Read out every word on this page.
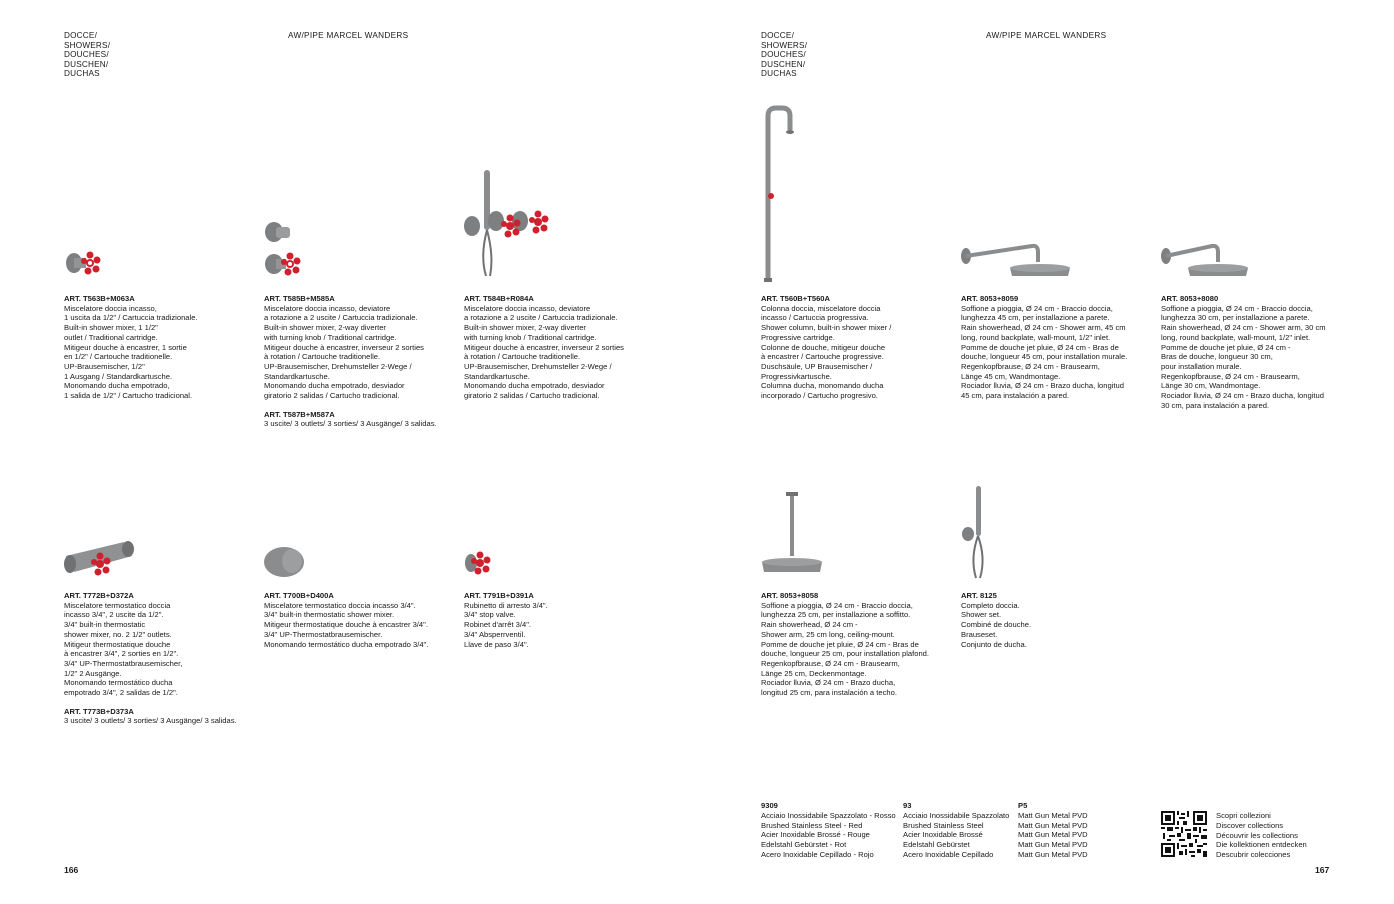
DOCCE/
SHOWERS/
DOUCHES/
DUSCHEN/
DUCHAS
AW/PIPE MARCEL WANDERS	DOCCE/
SHOWERS/
DOUCHES/
DUSCHEN/
DUCHAS
AW/PIPE MARCEL WANDERS
ART. T563B+M063A
Miscelatore doccia incasso,
1 uscita da 1/2" / Cartuccia tradizionale.
Built-in shower mixer, 1 1/2"
outlet / Traditional cartridge.
Mitigeur douche à encastrer, 1 sortie
en 1/2" / Cartouche traditionelle.
UP-Brausemischer, 1/2"
1 Ausgang / Standardkartusche.
Monomando ducha empotrado,
1 salida de 1/2" / Cartucho tradicional.
ART. T585B+M585A
Miscelatore doccia incasso, deviatore
a rotazione a 2 uscite / Cartuccia tradizionale.
Built-in shower mixer, 2-way diverter
with turning knob / Traditional cartridge.
Mitigeur douche à encastrer, inverseur 2 sorties
à rotation / Cartouche traditionelle.
UP-Brausemischer, Drehumsteller 2-Wege /
Standardkartusche.
Monomando ducha empotrado, desviador
giratorio 2 salidas / Cartucho tradicional.
ART. T587B+M587A
3 uscite/ 3 outlets/ 3 sorties/ 3 Ausgänge/ 3 salidas.
ART. T584B+R084A
Miscelatore doccia incasso, deviatore
a rotazione a 2 uscite / Cartuccia tradizionale.
Built-in shower mixer, 2-way diverter
with turning knob / Traditional cartridge.
Mitigeur douche à encastrer, inverseur 2 sorties
à rotation / Cartouche traditionelle.
UP-Brausemischer, Drehumsteller 2-Wege /
Standardkartusche.
Monomando ducha empotrado, desviador
giratorio 2 salidas / Cartucho tradicional.
ART. T772B+D372A
Miscelatore termostatico doccia
incasso 3/4", 2 uscite da 1/2".
3/4" built-in thermostatic
shower mixer, no. 2 1/2" outlets.
Mitigeur thermostatique douche
à encastrer 3/4", 2 sorties en 1/2".
3/4" UP-Thermostatbrausemischer,
1/2" 2 Ausgänge.
Monomando termostático ducha
empotrado 3/4", 2 salidas de 1/2".
ART. T773B+D373A
3 uscite/ 3 outlets/ 3 sorties/ 3 Ausgänge/ 3 salidas.
ART. T700B+D400A
Miscelatore termostatico doccia incasso 3/4".
3/4" built-in thermostatic shower mixer.
Mitigeur thermostatique douche à encastrer 3/4".
3/4" UP-Thermostatbrausemischer.
Monomando termostático ducha empotrado 3/4".
ART. T791B+D391A
Rubinetto di arresto 3/4".
3/4" stop valve.
Robinet d'arrêt 3/4".
3/4" Absperrventil.
Llave de paso 3/4".
ART. T560B+T560A
Colonna doccia, miscelatore doccia
incasso / Cartuccia progressiva.
Shower column, built-in shower mixer /
Progressive cartridge.
Colonne de douche, mitigeur douche
à encastrer / Cartouche progressive.
Duschsäule, UP Brausemischer /
Progressivkartusche.
Columna ducha, monomando ducha
incorporado / Cartucho progresivo.
ART. 8053+8059
Soffione a pioggia, Ø 24 cm - Braccio doccia,
lunghezza 45 cm, per installazione a parete.
Rain showerhead, Ø 24 cm - Shower arm, 45 cm
long, round backplate, wall-mount, 1/2" inlet.
Pomme de douche jet pluie, Ø 24 cm - Bras de
douche, longueur 45 cm, pour installation murale.
Regenkopfbrause, Ø 24 cm - Brausearm,
Länge 45 cm, Wandmontage.
Rociador lluvia, Ø 24 cm - Brazo ducha, longitud
45 cm, para instalación a pared.
ART. 8053+8080
Soffione a pioggia, Ø 24 cm - Braccio doccia,
lunghezza 30 cm, per installazione a parete.
Rain showerhead, Ø 24 cm - Shower arm, 30 cm
long, round backplate, wall-mount, 1/2" inlet.
Pomme de douche jet pluie, Ø 24 cm -
Bras de douche, longueur 30 cm,
pour installation murale.
Regenkopfbrause, Ø 24 cm - Brausearm,
Länge 30 cm, Wandmontage.
Rociador lluvia, Ø 24 cm - Brazo ducha, longitud
30 cm, para instalación a pared.
ART. 8053+8058
Soffione a pioggia, Ø 24 cm - Braccio doccia,
lunghezza 25 cm, per installazione a soffitto.
Rain showerhead, Ø 24 cm -
Shower arm, 25 cm long, ceiling-mount.
Pomme de douche jet pluie, Ø 24 cm - Bras de
douche, longueur 25 cm, pour installation plafond.
Regenkopfbrause, Ø 24 cm - Brausearm,
Länge 25 cm, Deckenmontage.
Rociador lluvia, Ø 24 cm - Brazo ducha,
longitud 25 cm, para instalación a techo.
ART. 8125
Completo doccia.
Shower set.
Combiné de douche.
Brauseset.
Conjunto de ducha.
9309
Acciaio Inossidabile Spazzolato - Rosso
Brushed Stainless Steel - Red
Acier Inoxidable Brossé - Rouge
Edelstahl Gebürstet - Rot
Acero Inoxidable Cepillado - Rojo
93
Acciaio Inossidabile Spazzolato
Brushed Stainless Steel
Acier Inoxidable Brossé
Edelstahl Gebürstet
Acero Inoxidable Cepillado
P5
Matt Gun Metal PVD
Matt Gun Metal PVD
Matt Gun Metal PVD
Matt Gun Metal PVD
Matt Gun Metal PVD
Scopri collezioni
Discover collections
Découvrir les collections
Die kollektionen entdecken
Descubrir colecciones
166	167
